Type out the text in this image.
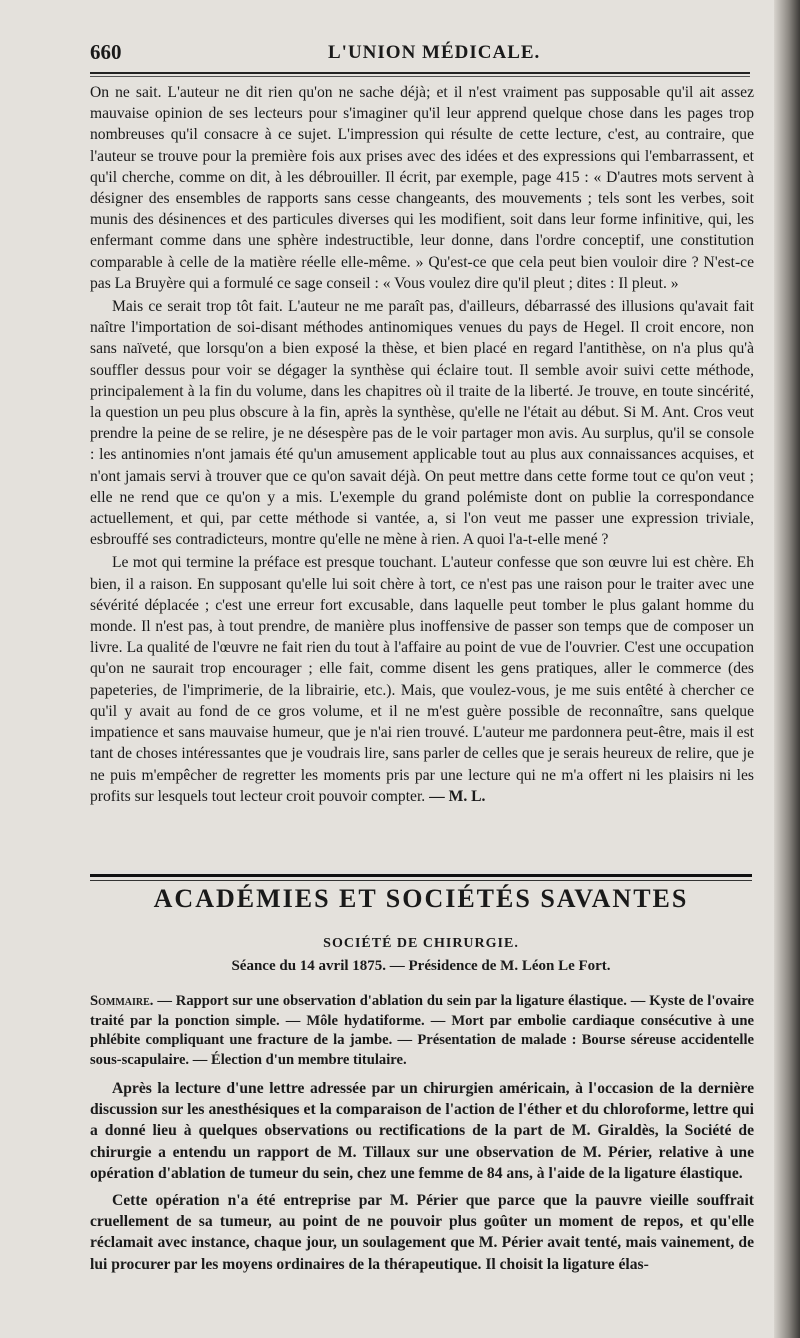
660	L'UNION MÉDICALE.

On ne sait. L'auteur ne dit rien qu'on ne sache déjà; et il n'est vraiment pas supposable qu'il ait assez mauvaise opinion de ses lecteurs pour s'imaginer qu'il leur apprend quelque chose dans les pages trop nombreuses qu'il consacre à ce sujet. L'impression qui résulte de cette lecture, c'est, au contraire, que l'auteur se trouve pour la première fois aux prises avec des idées et des expressions qui l'embarrassent, et qu'il cherche, comme on dit, à les débrouiller. Il écrit, par exemple, page 415 : « D'autres mots servent à désigner des ensembles de rapports sans cesse changeants, des mouvements ; tels sont les verbes, soit munis des désinences et des particules diverses qui les modifient, soit dans leur forme infinitive, qui, les enfermant comme dans une sphère indestructible, leur donne, dans l'ordre conceptif, une constitution comparable à celle de la matière réelle elle-même. » Qu'est-ce que cela peut bien vouloir dire ? N'est-ce pas La Bruyère qui a formulé ce sage conseil : « Vous voulez dire qu'il pleut ; dites : Il pleut. »

Mais ce serait trop tôt fait. L'auteur ne me paraît pas, d'ailleurs, débarrassé des illusions qu'avait fait naître l'importation de soi-disant méthodes antinomiques venues du pays de Hegel. Il croit encore, non sans naïveté, que lorsqu'on a bien exposé la thèse, et bien placé en regard l'antithèse, on n'a plus qu'à souffler dessus pour voir se dégager la synthèse qui éclaire tout. Il semble avoir suivi cette méthode, principalement à la fin du volume, dans les chapitres où il traite de la liberté. Je trouve, en toute sincérité, la question un peu plus obscure à la fin, après la synthèse, qu'elle ne l'était au début. Si M. Ant. Cros veut prendre la peine de se relire, je ne désespère pas de le voir partager mon avis. Au surplus, qu'il se console : les antinomies n'ont jamais été qu'un amusement applicable tout au plus aux connaissances acquises, et n'ont jamais servi à trouver que ce qu'on savait déjà. On peut mettre dans cette forme tout ce qu'on veut ; elle ne rend que ce qu'on y a mis. L'exemple du grand polémiste dont on publie la correspondance actuellement, et qui, par cette méthode si vantée, a, si l'on veut me passer une expression triviale, esbrouffé ses contradicteurs, montre qu'elle ne mène à rien. A quoi l'a-t-elle mené ?

Le mot qui termine la préface est presque touchant. L'auteur confesse que son œuvre lui est chère. Eh bien, il a raison. En supposant qu'elle lui soit chère à tort, ce n'est pas une raison pour le traiter avec une sévérité déplacée ; c'est une erreur fort excusable, dans laquelle peut tomber le plus galant homme du monde. Il n'est pas, à tout prendre, de manière plus inoffensive de passer son temps que de composer un livre. La qualité de l'œuvre ne fait rien du tout à l'affaire au point de vue de l'ouvrier. C'est une occupation qu'on ne saurait trop encourager ; elle fait, comme disent les gens pratiques, aller le commerce (des papeteries, de l'imprimerie, de la librairie, etc.). Mais, que voulez-vous, je me suis entêté à chercher ce qu'il y avait au fond de ce gros volume, et il ne m'est guère possible de reconnaître, sans quelque impatience et sans mauvaise humeur, que je n'ai rien trouvé. L'auteur me pardonnera peut-être, mais il est tant de choses intéressantes que je voudrais lire, sans parler de celles que je serais heureux de relire, que je ne puis m'empêcher de regretter les moments pris par une lecture qui ne m'a offert ni les plaisirs ni les profits sur lesquels tout lecteur croit pouvoir compter. — M. L.

ACADÉMIES ET SOCIÉTÉS SAVANTES
SOCIÉTÉ DE CHIRURGIE.
Séance du 14 avril 1875. — Présidence de M. Léon Le Fort.
Sommaire. — Rapport sur une observation d'ablation du sein par la ligature élastique. — Kyste de l'ovaire traité par la ponction simple. — Môle hydatiforme. — Mort par embolie cardiaque consécutive à une phlébite compliquant une fracture de la jambe. — Présentation de malade : Bourse séreuse accidentelle sous-scapulaire. — Élection d'un membre titulaire.

Après la lecture d'une lettre adressée par un chirurgien américain, à l'occasion de la dernière discussion sur les anesthésiques et la comparaison de l'action de l'éther et du chloroforme, lettre qui a donné lieu à quelques observations ou rectifications de la part de M. Giraldès, la Société de chirurgie a entendu un rapport de M. Tillaux sur une observation de M. Périer, relative à une opération d'ablation de tumeur du sein, chez une femme de 84 ans, à l'aide de la ligature élastique.

Cette opération n'a été entreprise par M. Périer que parce que la pauvre vieille souffrait cruellement de sa tumeur, au point de ne pouvoir plus goûter un moment de repos, et qu'elle réclamait avec instance, chaque jour, un soulagement que M. Périer avait tenté, mais vainement, de lui procurer par les moyens ordinaires de la thérapeutique. Il choisit la ligature élas-
